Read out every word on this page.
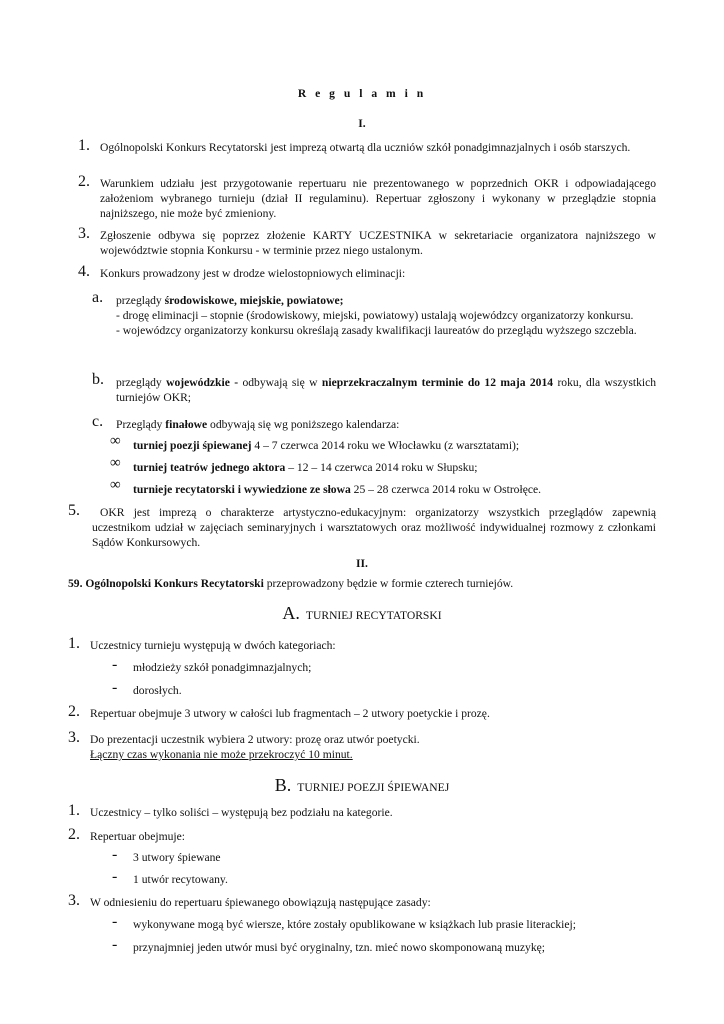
R e g u l a m i n
I.
1. Ogólnopolski Konkurs Recytatorski jest imprezą otwartą dla uczniów szkół ponadgimnazjalnych i osób starszych.
2. Warunkiem udziału jest przygotowanie repertuaru nie prezentowanego w poprzednich OKR i odpowiadającego założeniom wybranego turnieju (dział II regulaminu). Repertuar zgłoszony i wykonany w przeglądzie stopnia najniższego, nie może być zmieniony.
3. Zgłoszenie odbywa się poprzez złożenie KARTY UCZESTNIKA w sekretariacie organizatora najniższego w województwie stopnia Konkursu - w terminie przez niego ustalonym.
4. Konkurs prowadzony jest w drodze wielostopniowych eliminacji:
a. przeglądy środowiskowe, miejskie, powiatowe;
- drogę eliminacji – stopnie (środowiskowy, miejski, powiatowy) ustalają wojewódzcy organizatorzy konkursu.
- wojewódzcy organizatorzy konkursu określają zasady kwalifikacji laureatów do przeglądu wyższego szczebla.
b. przeglądy wojewódzkie - odbywają się w nieprzekraczalnym terminie do 12 maja 2014 roku, dla wszystkich turniejów OKR;
c. Przeglądy finałowe odbywają się wg poniższego kalendarza:
∞ turniej poezji śpiewanej 4 – 7 czerwca 2014 roku we Włocławku (z warsztatami);
∞ turniej teatrów jednego aktora – 12 – 14 czerwca 2014 roku w Słupsku;
∞ turnieje recytatorski i wywiedzione ze słowa 25 – 28 czerwca 2014 roku w Ostrołęce.
5.	OKR jest imprezą o charakterze artystyczno-edukacyjnym: organizatorzy wszystkich przeglądów zapewnią uczestnikom udział w zajęciach seminaryjnych i warsztatowych oraz możliwość indywidualnej rozmowy z członkami Sądów Konkursowych.
II.
59. Ogólnopolski Konkurs Recytatorski przeprowadzony będzie w formie czterech turniejów.
A. TURNIEJ RECYTATORSKI
1. Uczestnicy turnieju występują w dwóch kategoriach:
- młodzieży szkół ponadgimnazjalnych;
- dorosłych.
2. Repertuar obejmuje 3 utwory w całości lub fragmentach – 2 utwory poetyckie i prozę.
3. Do prezentacji uczestnik wybiera 2 utwory: prozę oraz utwór poetycki.
Łączny czas wykonania nie może przekroczyć 10 minut.
B. TURNIEJ POEZJI ŚPIEWANEJ
1. Uczestnicy – tylko soliści – występują bez podziału na kategorie.
2. Repertuar obejmuje:
- 3 utwory śpiewane
- 1 utwór recytowany.
3. W odniesieniu do repertuaru śpiewanego obowiązują następujące zasady:
- wykonywane mogą być wiersze, które zostały opublikowane w książkach lub prasie literackiej;
- przynajmniej jeden utwór musi być oryginalny, tzn. mieć nowo skomponowaną muzykę;
